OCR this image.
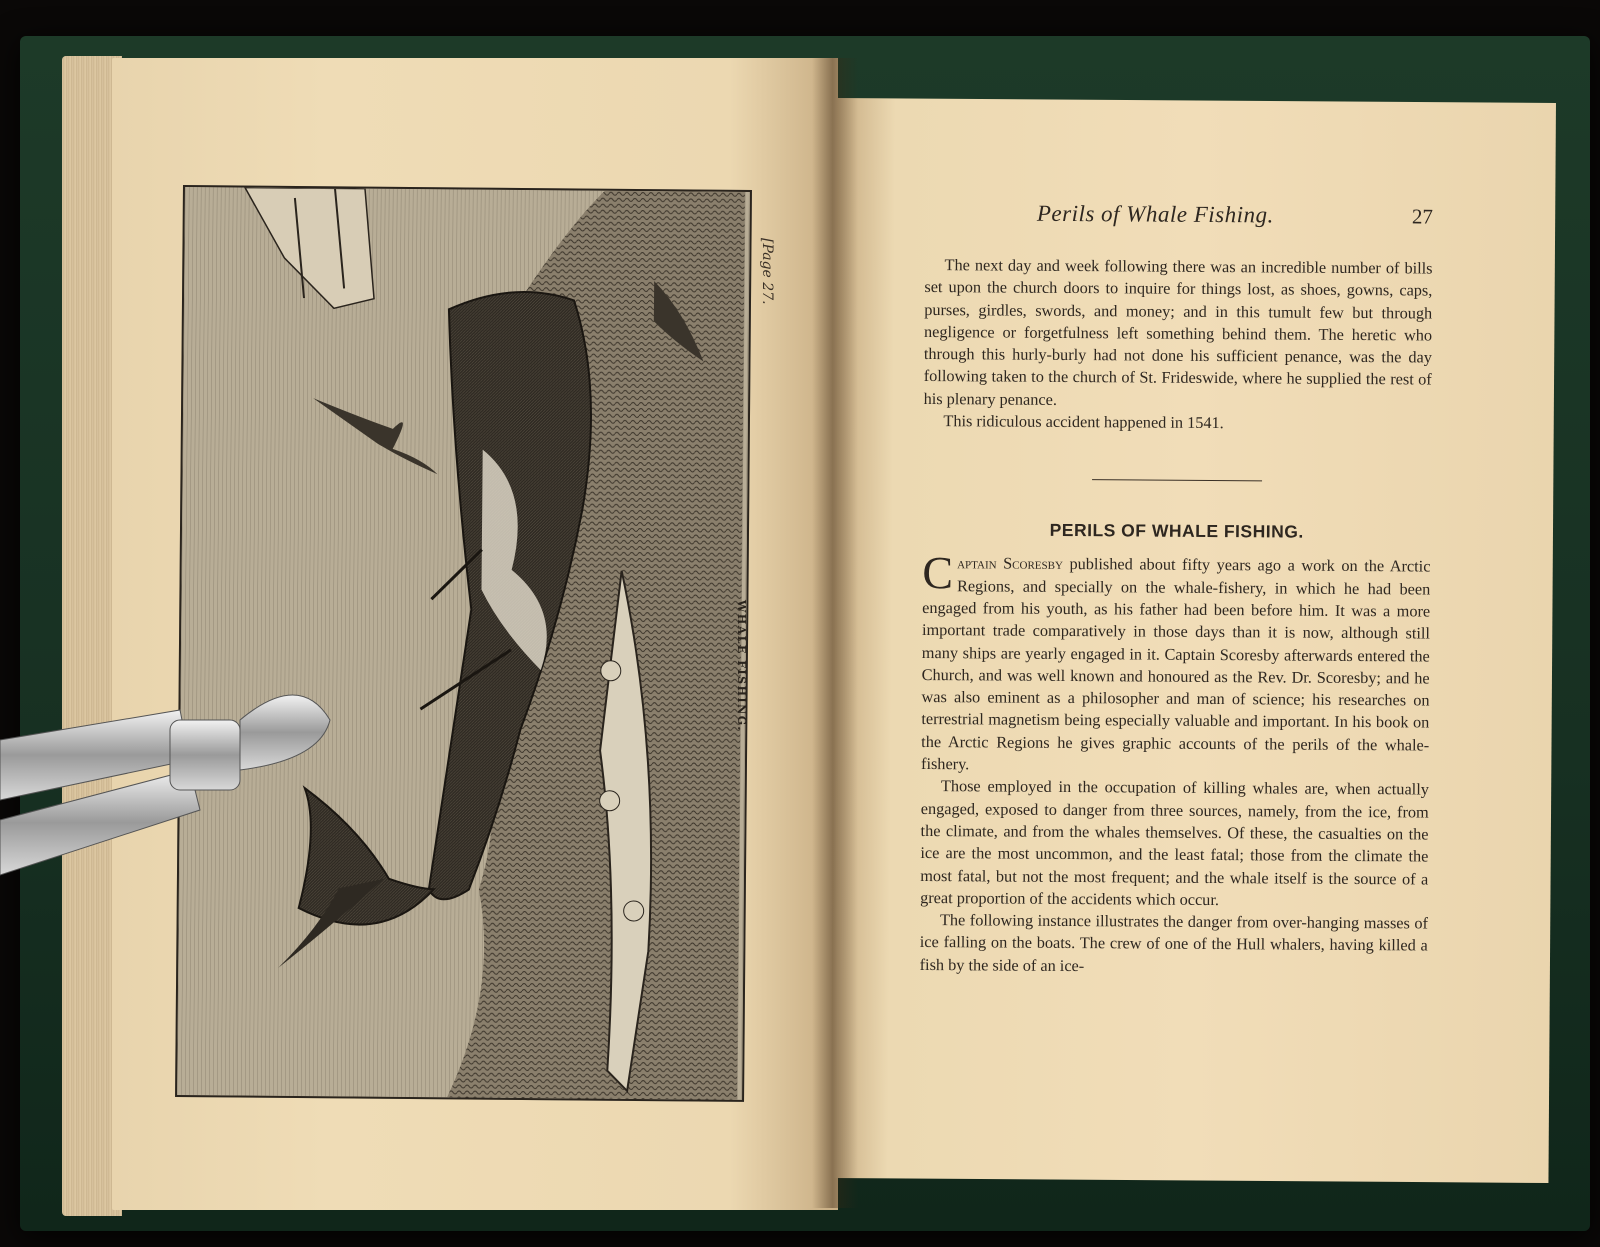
WHALE FISHING.
[Page 27.
Perils of Whale Fishing.	27

The next day and week following there was an incredible number of bills set upon the church doors to inquire for things lost, as shoes, gowns, caps, purses, girdles, swords, and money; and in this tumult few but through negligence or forgetfulness left something behind them. The heretic who through this hurly-burly had not done his sufficient penance, was the day following taken to the church of St. Frideswide, where he supplied the rest of his plenary penance.

This ridiculous accident happened in 1541.

PERILS OF WHALE FISHING.

Captain Scoresby published about fifty years ago a work on the Arctic Regions, and specially on the whale-fishery, in which he had been engaged from his youth, as his father had been before him. It was a more important trade comparatively in those days than it is now, although still many ships are yearly engaged in it. Captain Scoresby afterwards entered the Church, and was well known and honoured as the Rev. Dr. Scoresby; and he was also eminent as a philosopher and man of science; his researches on terrestrial magnetism being especially valuable and important. In his book on the Arctic Regions he gives graphic accounts of the perils of the whale-fishery.

Those employed in the occupation of killing whales are, when actually engaged, exposed to danger from three sources, namely, from the ice, from the climate, and from the whales themselves. Of these, the casualties on the ice are the most uncommon, and the least fatal; those from the climate the most fatal, but not the most frequent; and the whale itself is the source of a great proportion of the accidents which occur.

The following instance illustrates the danger from over-hanging masses of ice falling on the boats. The crew of one of the Hull whalers, having killed a fish by the side of an ice-
